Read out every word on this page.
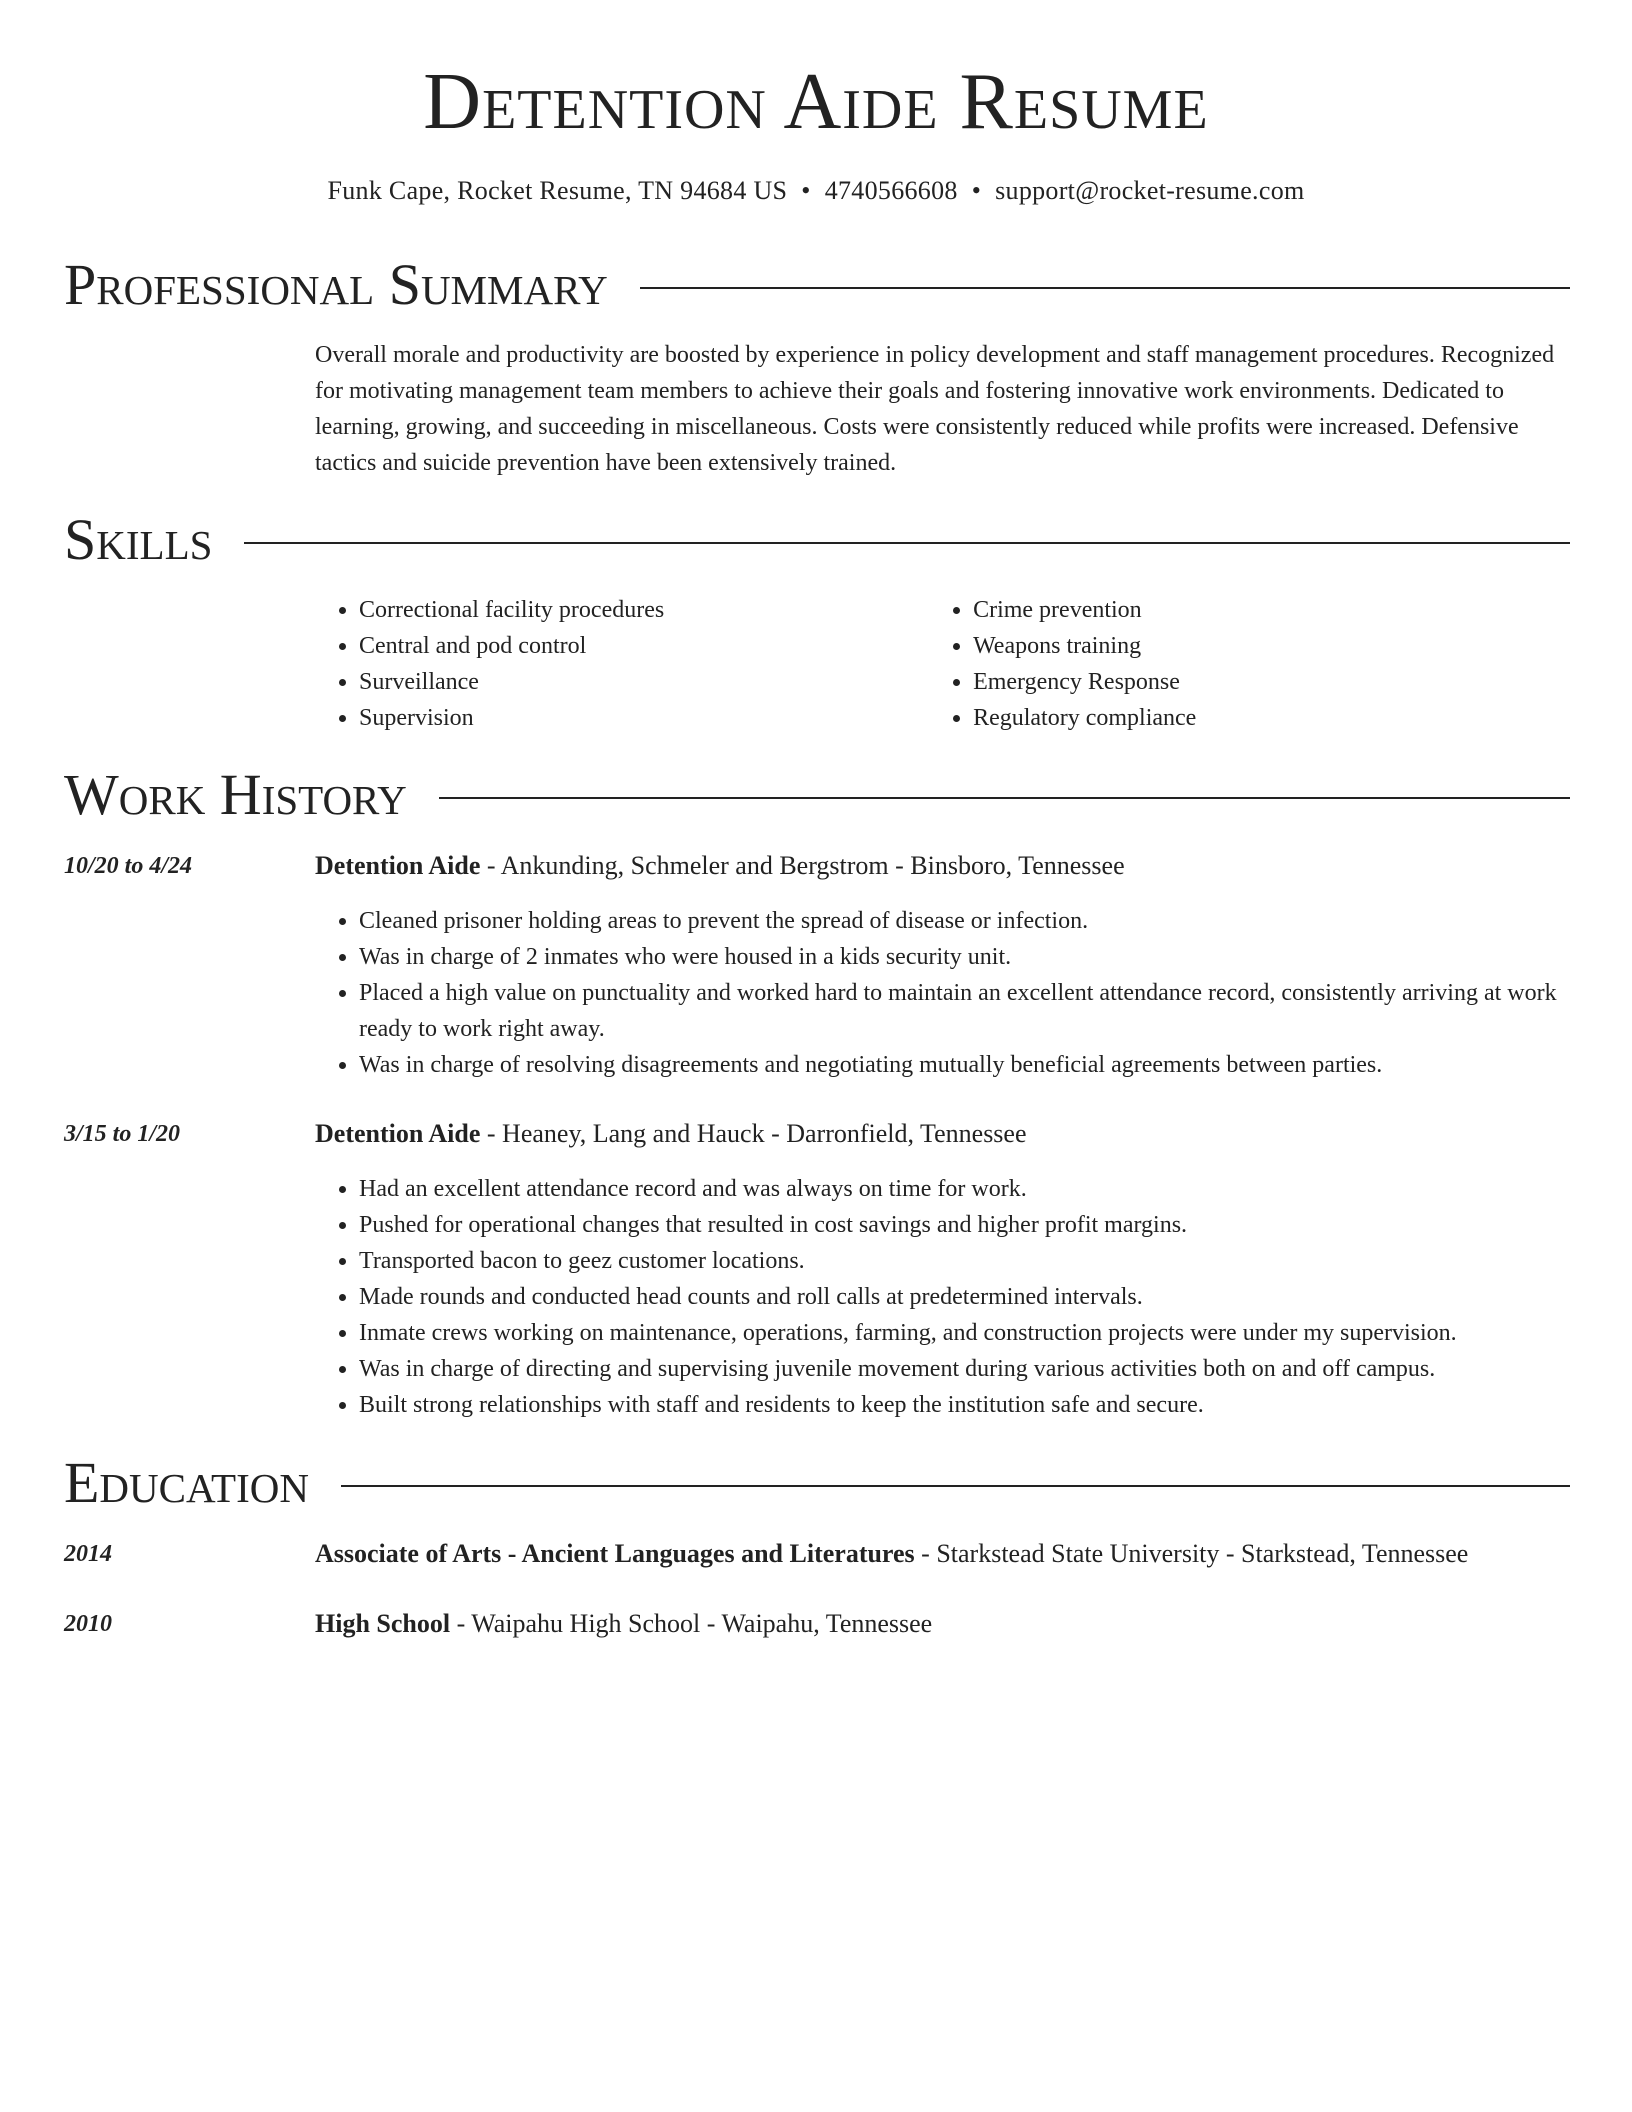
Detention Aide Resume
Funk Cape, Rocket Resume, TN 94684 US • 4740566608 • support@rocket-resume.com
Professional Summary

Overall morale and productivity are boosted by experience in policy development and staff management procedures. Recognized for motivating management team members to achieve their goals and fostering innovative work environments. Dedicated to learning, growing, and succeeding in miscellaneous. Costs were consistently reduced while profits were increased. Defensive tactics and suicide prevention have been extensively trained.

Skills
• Correctional facility procedures
• Central and pod control
• Surveillance
• Supervision
• Crime prevention
• Weapons training
• Emergency Response
• Regulatory compliance
Work History
10/20 to 4/24	Detention Aide - Ankunding, Schmeler and Bergstrom - Binsboro, Tennessee
• Cleaned prisoner holding areas to prevent the spread of disease or infection.
• Was in charge of 2 inmates who were housed in a kids security unit.
• Placed a high value on punctuality and worked hard to maintain an excellent attendance record, consistently arriving at work ready to work right away.
• Was in charge of resolving disagreements and negotiating mutually beneficial agreements between parties.
3/15 to 1/20	Detention Aide - Heaney, Lang and Hauck - Darronfield, Tennessee
• Had an excellent attendance record and was always on time for work.
• Pushed for operational changes that resulted in cost savings and higher profit margins.
• Transported bacon to geez customer locations.
• Made rounds and conducted head counts and roll calls at predetermined intervals.
• Inmate crews working on maintenance, operations, farming, and construction projects were under my supervision.
• Was in charge of directing and supervising juvenile movement during various activities both on and off campus.
• Built strong relationships with staff and residents to keep the institution safe and secure.
Education
2014	Associate of Arts - Ancient Languages and Literatures - Starkstead State University - Starkstead, Tennessee
2010	High School - Waipahu High School - Waipahu, Tennessee
